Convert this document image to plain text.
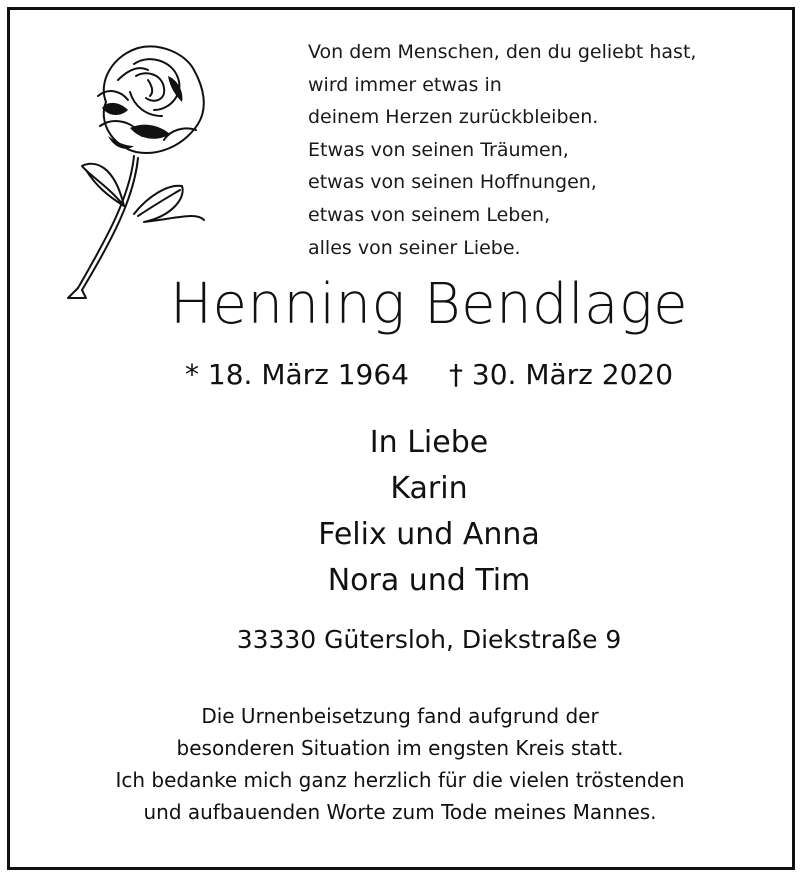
Von dem Menschen, den du geliebt hast,
wird immer etwas in
deinem Herzen zurückbleiben.
Etwas von seinen Träumen,
etwas von seinen Hoffnungen,
etwas von seinem Leben,
alles von seiner Liebe.
Henning Bendlage
* 18. März 1964 † 30. März 2020
In Liebe
Karin
Felix und Anna
Nora und Tim
33330 Gütersloh, Diekstraße 9
Die Urnenbeisetzung fand aufgrund der
besonderen Situation im engsten Kreis statt.
Ich bedanke mich ganz herzlich für die vielen tröstenden
und aufbauenden Worte zum Tode meines Mannes.
